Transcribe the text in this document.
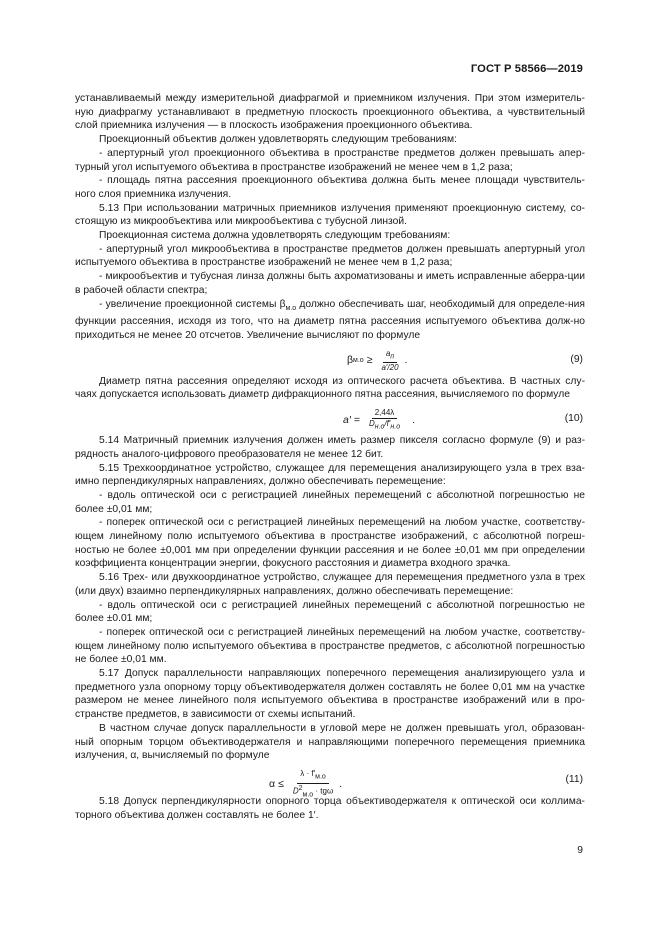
ГОСТ Р 58566—2019

устанавливаемый между измерительной диафрагмой и приемником излучения. При этом измеритель-ную диафрагму устанавливают в предметную плоскость проекционного объектива, а чувствительный слой приемника излучения — в плоскость изображения проекционного объектива.

Проекционный объектив должен удовлетворять следующим требованиям:

- апертурный угол проекционного объектива в пространстве предметов должен превышать апер-турный угол испытуемого объектива в пространстве изображений не менее чем в 1,2 раза;

- площадь пятна рассеяния проекционного объектива должна быть менее площади чувствитель-ного слоя приемника излучения.

5.13 При использовании матричных приемников излучения применяют проекционную систему, со-стоящую из микрообъектива или микрообъектива с тубусной линзой.

Проекционная система должна удовлетворять следующим требованиям:

- апертурный угол микрообъектива в пространстве предметов должен превышать апертурный угол испытуемого объектива в пространстве изображений не менее чем в 1,2 раза;

- микрообъектив и тубусная линза должны быть ахроматизованы и иметь исправленные аберра-ции в рабочей области спектра;

- увеличение проекционной системы $\beta_{м.о}$ должно обеспечивать шаг, необходимый для определе-ния функции рассеяния, исходя из того, что на диаметр пятна рассеяния испытуемого объектива долж-но приходиться не менее 20 отсчетов. Увеличение вычисляют по формуле

β $м.о \ge \frac{a_п}{a'/20}$ .	(9)

Диаметр пятна рассеяния определяют исходя из оптического расчета объектива. В частных слу-чаях допускается использовать диаметр дифракционного пятна рассеяния, вычисляемого по формуле

$a' = \frac{2,44\lambda}{D_{н.о}/f'_{н.о}}$ .	(10)

5.14 Матричный приемник излучения должен иметь размер пикселя согласно формуле (9) и раз-рядность аналого-цифрового преобразователя не менее 12 бит.

5.15 Трехкоординатное устройство, служащее для перемещения анализирующего узла в трех вза-имно перпендикулярных направлениях, должно обеспечивать перемещение:

- вдоль оптической оси с регистрацией линейных перемещений с абсолютной погрешностью не более ±0,01 мм;

- поперек оптической оси с регистрацией линейных перемещений на любом участке, соответству-ющем линейному полю испытуемого объектива в пространстве изображений, с абсолютной погреш-ностью не более ±0,001 мм при определении функции рассеяния и не более ±0,01 мм при определении коэффициента концентрации энергии, фокусного расстояния и диаметра входного зрачка.

5.16 Трех- или двухкоординатное устройство, служащее для перемещения предметного узла в трех (или двух) взаимно перпендикулярных направлениях, должно обеспечивать перемещение:

- вдоль оптической оси с регистрацией линейных перемещений с абсолютной погрешностью не более ±0.01 мм;

- поперек оптической оси с регистрацией линейных перемещений на любом участке, соответству-ющем линейному полю испытуемого объектива в пространстве предметов, с абсолютной погрешностью не более ±0,01 мм.

5.17 Допуск параллельности направляющих поперечного перемещения анализирующего узла и предметного узла опорному торцу объективодержателя должен составлять не более 0,01 мм на участке размером не менее линейного поля испытуемого объектива в пространстве изображений или в про-странстве предметов, в зависимости от схемы испытаний.

В частном случае допуск параллельности в угловой мере не должен превышать угол, образован-ный опорным торцом объективодержателя и направляющими поперечного перемещения приемника излучения, α, вычисляемый по формуле

$\alpha \le \frac{\lambda \cdot f'_{м.о}}{D^2_{м.о} \cdot tg\omega}$ .	(11)

5.18 Допуск перпендикулярности опорного торца объективодержателя к оптической оси коллима-торного объектива должен составлять не более 1′.

9
